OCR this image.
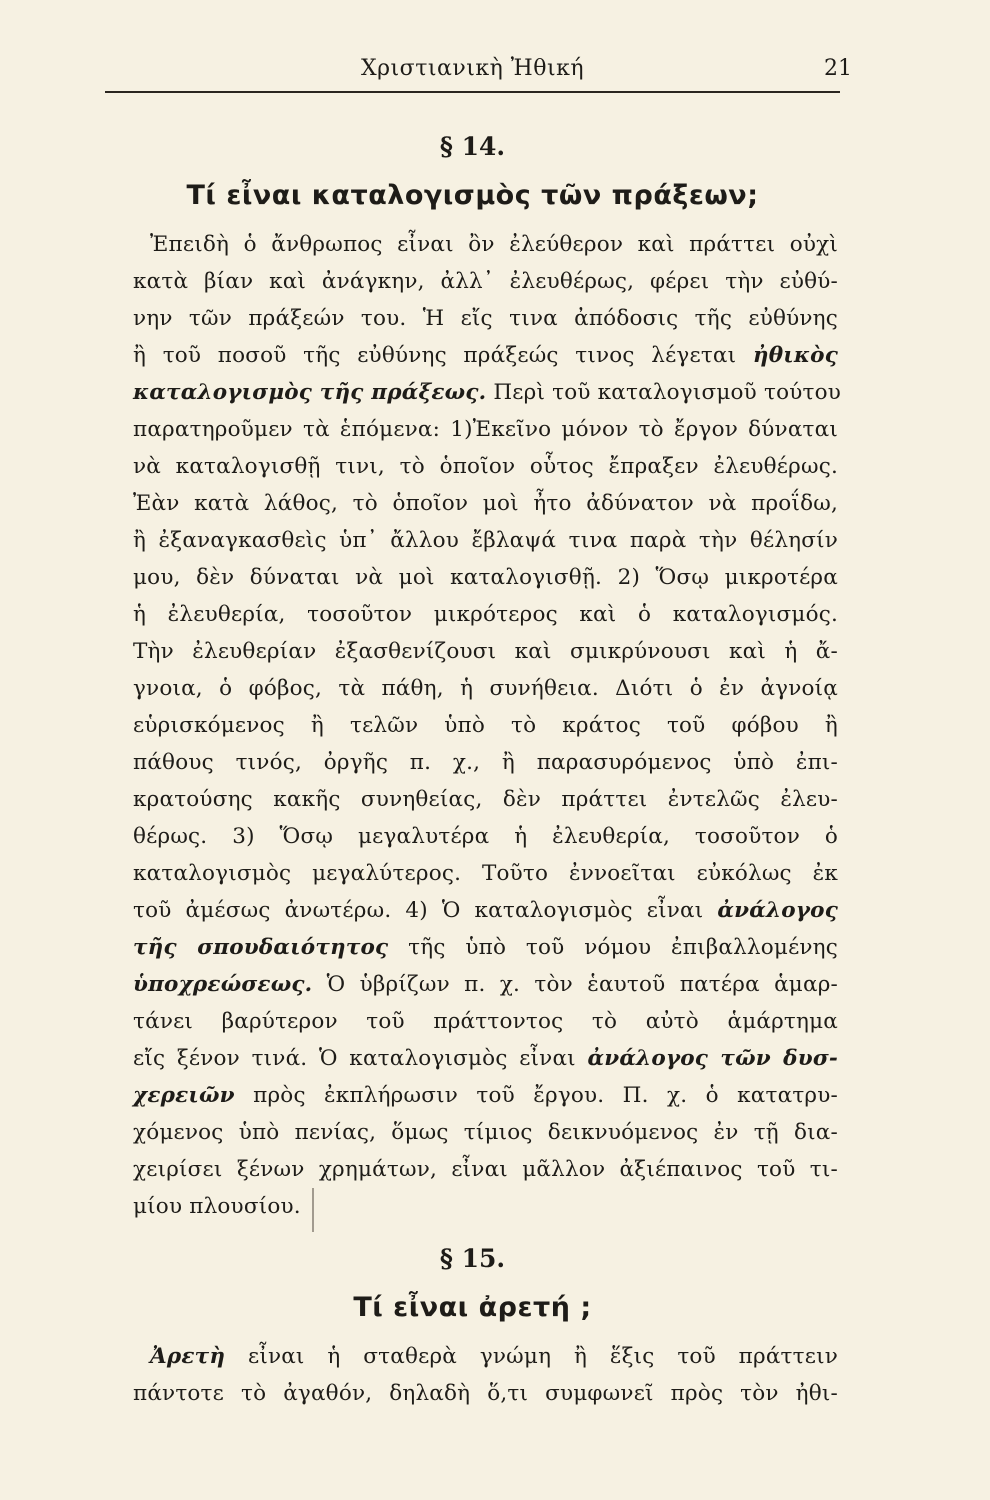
Χριστιανικὴ Ἠθική	21
§ 14.
Τί εἶναι καταλογισμὸς τῶν πράξεων;
Ἐπειδὴ ὁ ἄνθρωπος εἶναι ὂν ἐλεύθερον καὶ πράττει οὐχὶ
κατὰ βίαν καὶ ἀνάγκην, ἀλλ᾿ ἐλευθέρως, φέρει τὴν εὐθύ-
νην τῶν πράξεών του. Ἡ εἴς τινα ἀπόδοσις τῆς εὐθύνης
ἢ τοῦ ποσοῦ τῆς εὐθύνης πράξεώς τινος λέγεται ἠθικὸς
καταλογισμὸς τῆς πράξεως. Περὶ τοῦ καταλογισμοῦ τούτου
παρατηροῦμεν τὰ ἑπόμενα: 1)Ἐκεῖνο μόνον τὸ ἔργον δύναται
νὰ καταλογισθῇ τινι, τὸ ὁποῖον οὗτος ἔπραξεν ἐλευθέρως.
Ἐὰν κατὰ λάθος, τὸ ὁποῖον μοὶ ἦτο ἀδύνατον νὰ προΐδω,
ἢ ἐξαναγκασθεὶς ὑπ᾿ ἄλλου ἔβλαψά τινα παρὰ τὴν θέλησίν
μου, δὲν δύναται νὰ μοὶ καταλογισθῇ. 2) Ὅσῳ μικροτέρα
ἡ ἐλευθερία, τοσοῦτον μικρότερος καὶ ὁ καταλογισμός.
Τὴν ἐλευθερίαν ἐξασθενίζουσι καὶ σμικρύνουσι καὶ ἡ ἄ-
γνοια, ὁ φόβος, τὰ πάθη, ἡ συνήθεια. Διότι ὁ ἐν ἀγνοίᾳ
εὑρισκόμενος ἢ τελῶν ὑπὸ τὸ κράτος τοῦ φόβου ἢ
πάθους τινός, ὀργῆς π. χ., ἢ παρασυρόμενος ὑπὸ ἐπι-
κρατούσης κακῆς συνηθείας, δὲν πράττει ἐντελῶς ἐλευ-
θέρως. 3) Ὅσῳ μεγαλυτέρα ἡ ἐλευθερία, τοσοῦτον ὁ
καταλογισμὸς μεγαλύτερος. Τοῦτο ἐννοεῖται εὐκόλως ἐκ
τοῦ ἀμέσως ἀνωτέρω. 4) Ὁ καταλογισμὸς εἶναι ἀνάλογος
τῆς σπουδαιότητος τῆς ὑπὸ τοῦ νόμου ἐπιβαλλομένης
ὑποχρεώσεως. Ὁ ὑβρίζων π. χ. τὸν ἑαυτοῦ πατέρα ἁμαρ-
τάνει βαρύτερον τοῦ πράττοντος τὸ αὐτὸ ἁμάρτημα
εἴς ξένον τινά. Ὁ καταλογισμὸς εἶναι ἀνάλογος τῶν δυσ-
χερειῶν πρὸς ἐκπλήρωσιν τοῦ ἔργου. Π. χ. ὁ κατατρυ-
χόμενος ὑπὸ πενίας, ὅμως τίμιος δεικνυόμενος ἐν τῇ δια-
χειρίσει ξένων χρημάτων, εἶναι μᾶλλον ἀξιέπαινος τοῦ τι-
μίου πλουσίου.
§ 15.
Τί εἶναι ἀρετή ;
Ἀρετὴ εἶναι ἡ σταθερὰ γνώμη ἢ ἕξις τοῦ πράττειν
πάντοτε τὸ ἀγαθόν, δηλαδὴ ὅ,τι συμφωνεῖ πρὸς τὸν ἠθι-
